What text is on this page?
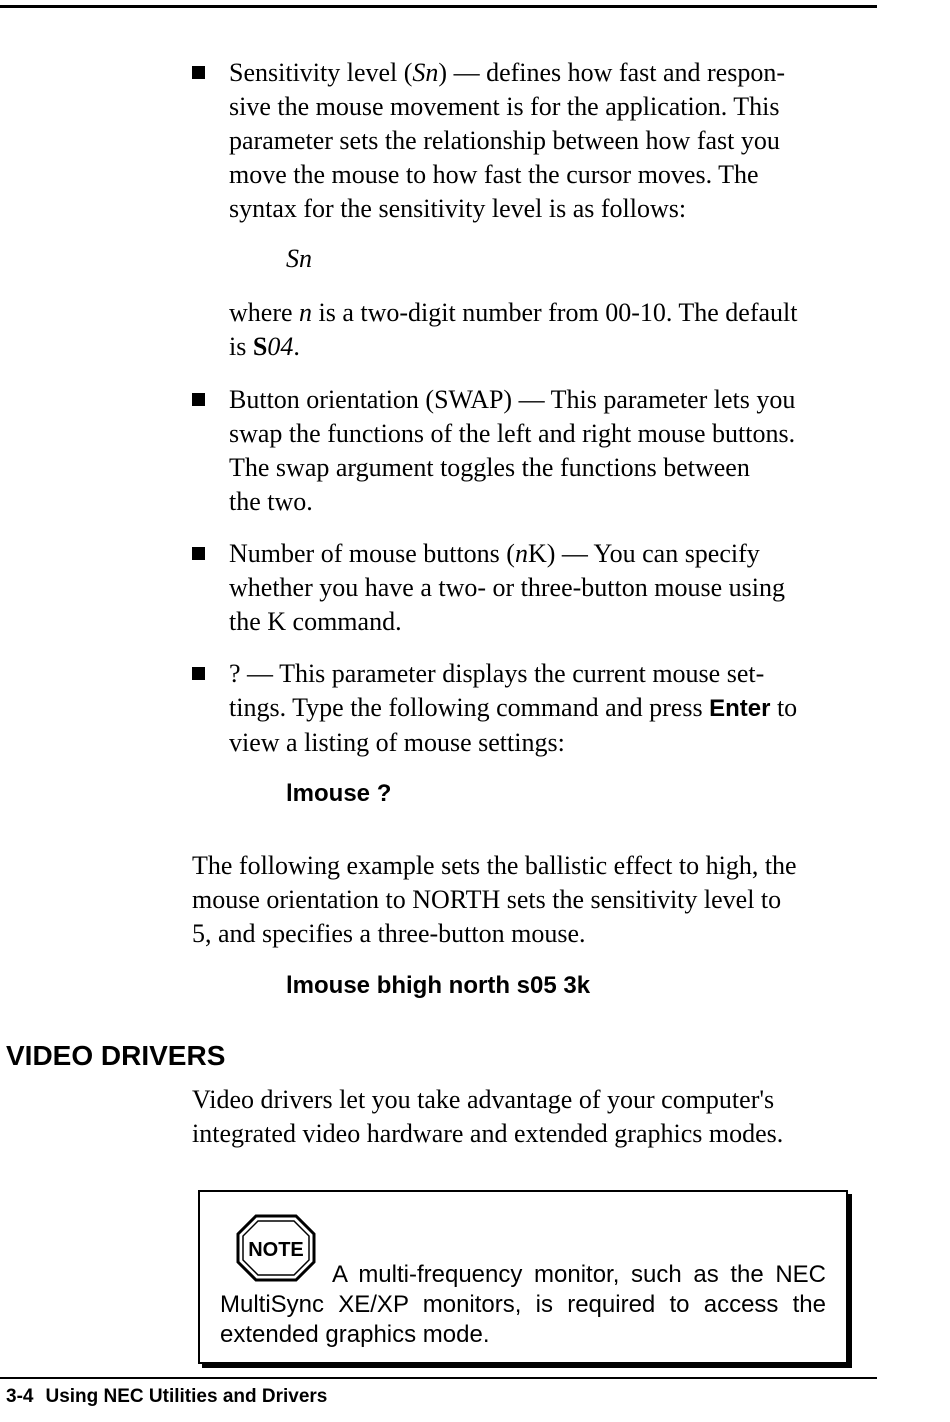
Sensitivity level (Sn) — defines how fast and respon-
sive the mouse movement is for the application. This
parameter sets the relationship between how fast you
move the mouse to how fast the cursor moves. The
syntax for the sensitivity level is as follows:
Sn
where n is a two-digit number from 00-10. The default
is S04.
Button orientation (SWAP) — This parameter lets you
swap the functions of the left and right mouse buttons.
The swap argument toggles the functions between
the two.
Number of mouse buttons (nK) — You can specify
whether you have a two- or three-button mouse using
the K command.
? — This parameter displays the current mouse set-
tings. Type the following command and press Enter to
view a listing of mouse settings:
lmouse ?
The following example sets the ballistic effect to high, the
mouse orientation to NORTH sets the sensitivity level to
5, and specifies a three-button mouse.
lmouse bhigh north s05 3k
VIDEO DRIVERS
Video drivers let you take advantage of your computer's
integrated video hardware and extended graphics modes.
NOTE
A multi-frequency monitor, such as the NEC MultiSync XE/XP monitors, is required to access the extended graphics mode.
3-4 Using NEC Utilities and Drivers
